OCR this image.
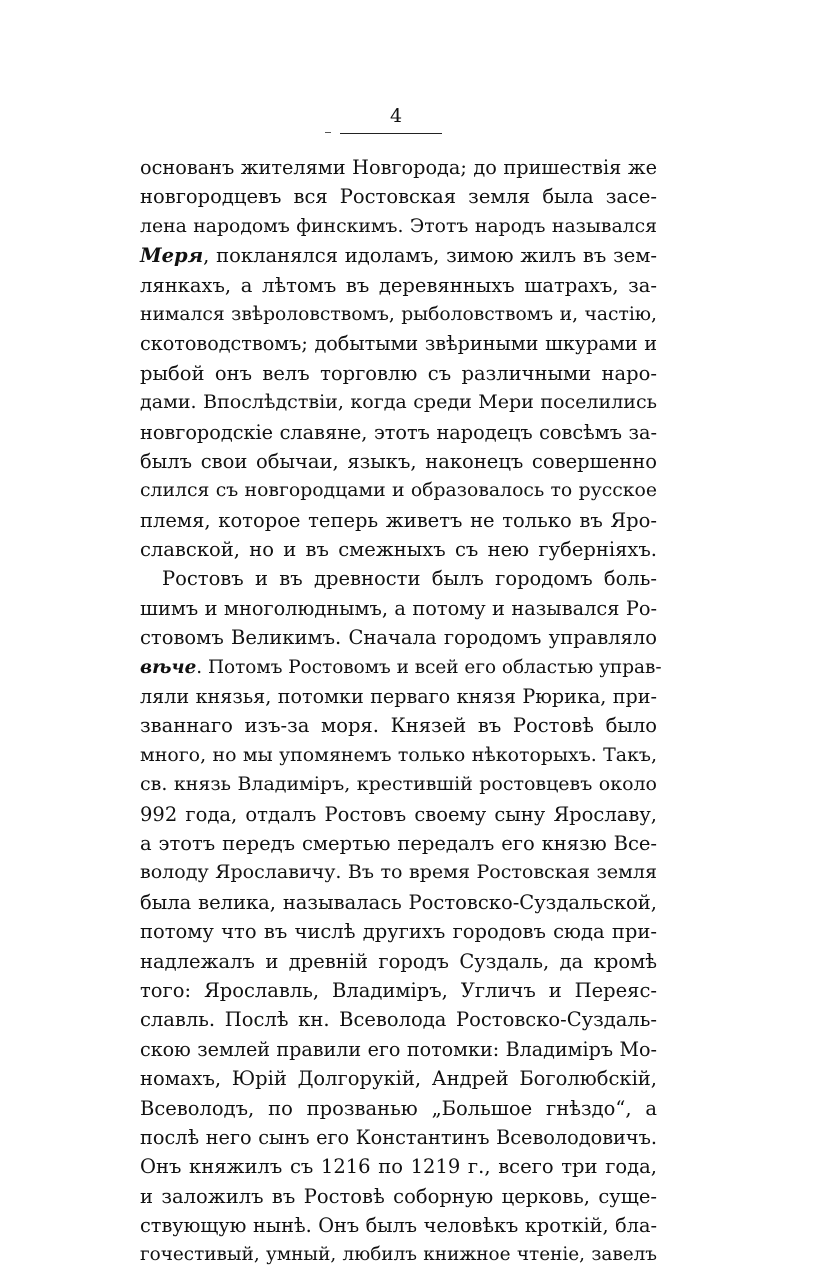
4
основанъ жителями Новгорода; до пришествія же
новгородцевъ вся Ростовская земля была засе-
лена народомъ финскимъ. Этотъ народъ назывался
Меря, покланялся идоламъ, зимою жилъ въ зем-
лянкахъ, а лѣтомъ въ деревянныхъ шатрахъ, за-
нимался звѣроловствомъ, рыболовствомъ и, частію,
скотоводствомъ; добытыми звѣриными шкурами и
рыбой онъ велъ торговлю съ различными наро-
дами. Впослѣдствіи, когда среди Мери поселились
новгородскіе славяне, этотъ народецъ совсѣмъ за-
былъ свои обычаи, языкъ, наконецъ совершенно
слился съ новгородцами и образовалось то русское
племя, которое теперь живетъ не только въ Яро-
славской, но и въ смежныхъ съ нею губерніяхъ.
Ростовъ и въ древности былъ городомъ боль-
шимъ и многолюднымъ, а потому и назывался Ро-
стовомъ Великимъ. Сначала городомъ управляло
вѣче. Потомъ Ростовомъ и всей его областью управ-
ляли князья, потомки перваго князя Рюрика, при-
званнаго изъ-за моря. Князей въ Ростовѣ было
много, но мы упомянемъ только нѣкоторыхъ. Такъ,
св. князь Владиміръ, крестившій ростовцевъ около
992 года, отдалъ Ростовъ своему сыну Ярославу,
а этотъ передъ смертью передалъ его князю Все-
володу Ярославичу. Въ то время Ростовская земля
была велика, называлась Ростовско-Суздальской,
потому что въ числѣ другихъ городовъ сюда при-
надлежалъ и древній городъ Суздаль, да кромѣ
того: Ярославль, Владиміръ, Угличъ и Переяс-
славль. Послѣ кн. Всеволода Ростовско-Суздаль-
скою землей правили его потомки: Владиміръ Мо-
номахъ, Юрій Долгорукій, Андрей Боголюбскій,
Всеволодъ, по прозванью „Большое гнѣздо“, а
послѣ него сынъ его Константинъ Всеволодовичъ.
Онъ княжилъ съ 1216 по 1219 г., всего три года,
и заложилъ въ Ростовѣ соборную церковь, суще-
ствующую нынѣ. Онъ былъ человѣкъ кроткій, бла-
гочестивый, умный, любилъ книжное чтеніе, завелъ
